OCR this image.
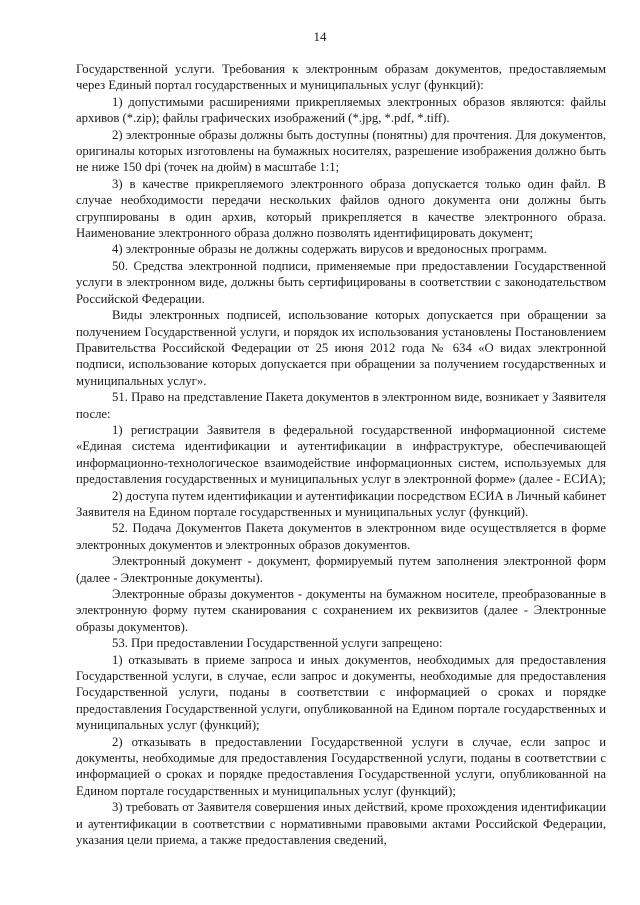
14

Государственной услуги. Требования к электронным образам документов, предоставляемым через Единый портал государственных и муниципальных услуг (функций):

1) допустимыми расширениями прикрепляемых электронных образов являются: файлы архивов (*.zip); файлы графических изображений (*.jpg, *.pdf, *.tiff).

2) электронные образы должны быть доступны (понятны) для прочтения. Для документов, оригиналы которых изготовлены на бумажных носителях, разрешение изображения должно быть не ниже 150 dpi (точек на дюйм) в масштабе 1:1;

3) в качестве прикрепляемого электронного образа допускается только один файл. В случае необходимости передачи нескольких файлов одного документа они должны быть сгруппированы в один архив, который прикрепляется в качестве электронного образа. Наименование электронного образа должно позволять идентифицировать документ;

4) электронные образы не должны содержать вирусов и вредоносных программ.

50. Средства электронной подписи, применяемые при предоставлении Государственной услуги в электронном виде, должны быть сертифицированы в соответствии с законодательством Российской Федерации.

Виды электронных подписей, использование которых допускается при обращении за получением Государственной услуги, и порядок их использования установлены Постановлением Правительства Российской Федерации от 25 июня 2012 года № 634 «О видах электронной подписи, использование которых допускается при обращении за получением государственных и муниципальных услуг».

51. Право на представление Пакета документов в электронном виде, возникает у Заявителя после:

1) регистрации Заявителя в федеральной государственной информационной системе «Единая система идентификации и аутентификации в инфраструктуре, обеспечивающей информационно-технологическое взаимодействие информационных систем, используемых для предоставления государственных и муниципальных услуг в электронной форме» (далее - ЕСИА);

2) доступа путем идентификации и аутентификации посредством ЕСИА в Личный кабинет Заявителя на Едином портале государственных и муниципальных услуг (функций).

52. Подача Документов Пакета документов в электронном виде осуществляется в форме электронных документов и электронных образов документов.

Электронный документ - документ, формируемый путем заполнения электронной форм (далее - Электронные документы).

Электронные образы документов - документы на бумажном носителе, преобразованные в электронную форму путем сканирования с сохранением их реквизитов (далее - Электронные образы документов).

53. При предоставлении Государственной услуги запрещено:

1) отказывать в приеме запроса и иных документов, необходимых для предоставления Государственной услуги, в случае, если запрос и документы, необходимые для предоставления Государственной услуги, поданы в соответствии с информацией о сроках и порядке предоставления Государственной услуги, опубликованной на Едином портале государственных и муниципальных услуг (функций);

2) отказывать в предоставлении Государственной услуги в случае, если запрос и документы, необходимые для предоставления Государственной услуги, поданы в соответствии с информацией о сроках и порядке предоставления Государственной услуги, опубликованной на Едином портале государственных и муниципальных услуг (функций);

3) требовать от Заявителя совершения иных действий, кроме прохождения идентификации и аутентификации в соответствии с нормативными правовыми актами Российской Федерации, указания цели приема, а также предоставления сведений,
